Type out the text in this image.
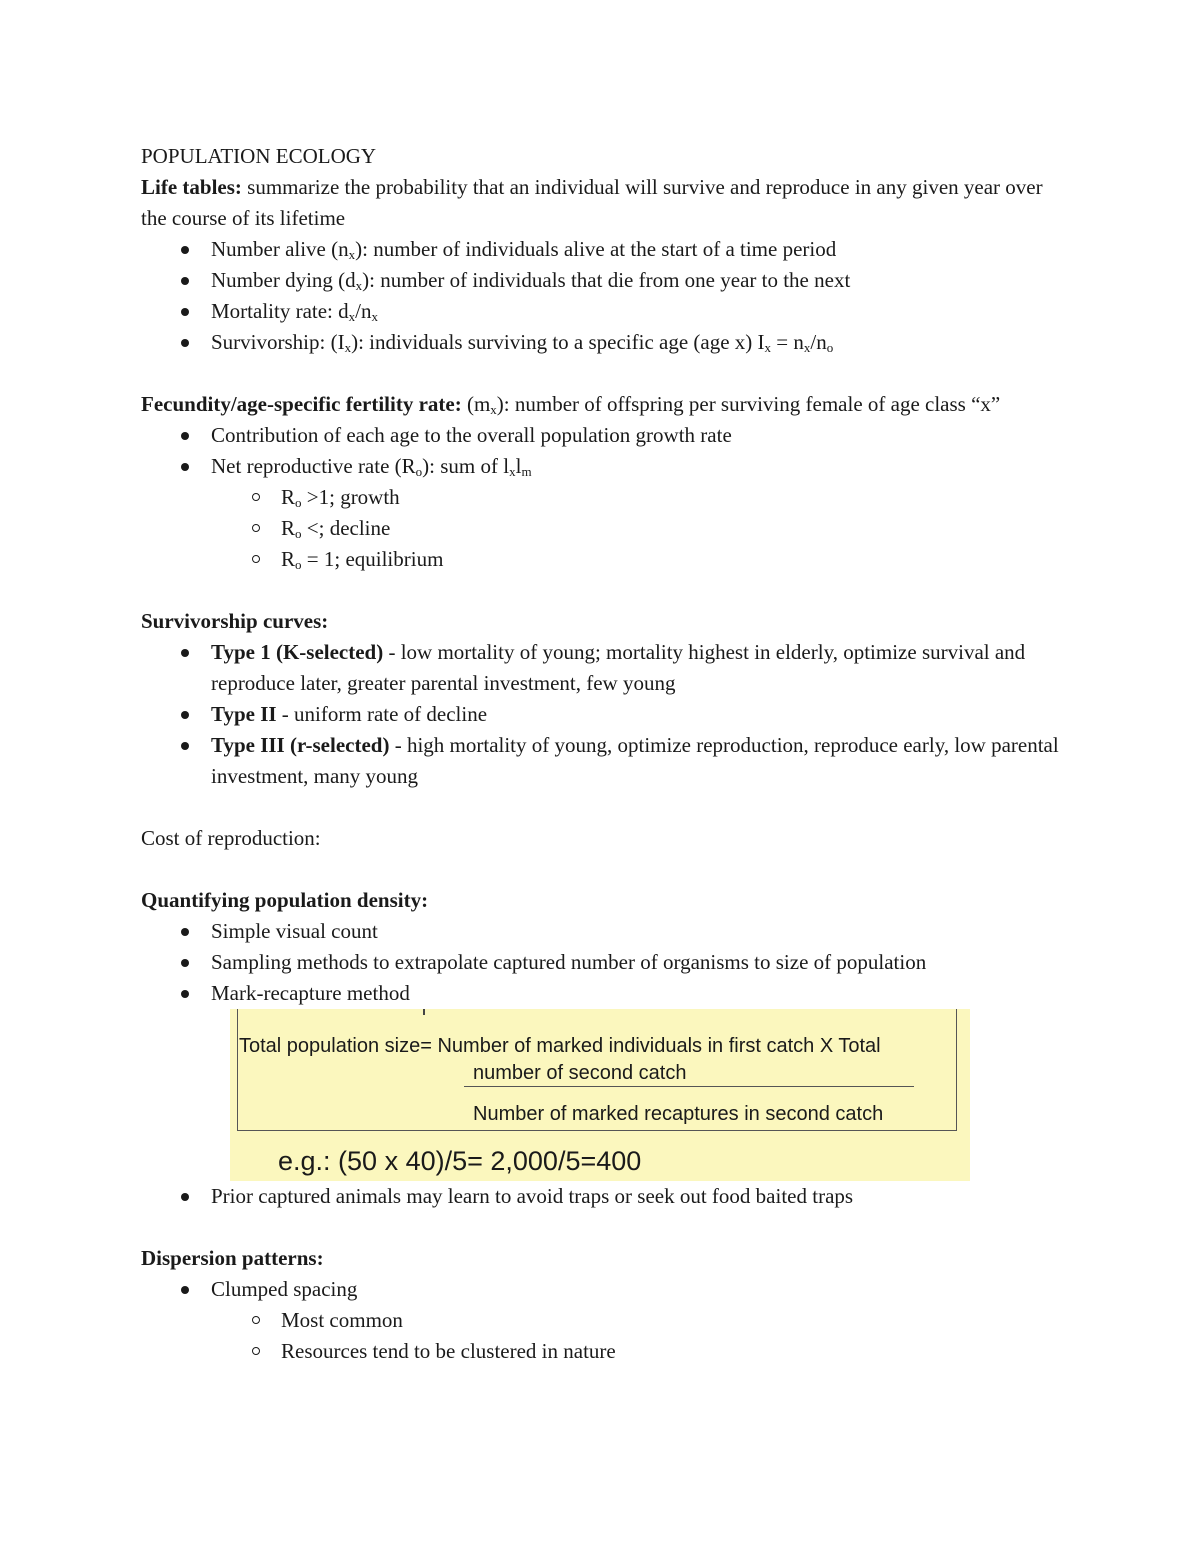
POPULATION ECOLOGY

Life tables: summarize the probability that an individual will survive and reproduce in any given year over the course of its lifetime

Number alive $(n_x)$: number of individuals alive at the start of a time period
Number dying $(d_x)$: number of individuals that die from one year to the next
Mortality rate: $d_x/n_x$
Survivorship: $(I_x)$: individuals surviving to a specific age (age x) $I_x = n_x/n_o$

Fecundity/age-specific fertility rate: $(m_x)$: number of offspring per surviving female of age class “x”

Contribution of each age to the overall population growth rate
Net reproductive rate $(R_o)$: sum of $l_xl_m$
$R_o >1$; growth
$R_o$ <; decline
$R_o = 1$; equilibrium

Survivorship curves:

Type 1 (K-selected) - low mortality of young; mortality highest in elderly, optimize survival and reproduce later, greater parental investment, few young
Type II - uniform rate of decline
Type III (r-selected) - high mortality of young, optimize reproduction, reproduce early, low parental investment, many young

Cost of reproduction:

Quantifying population density:

Simple visual count
Sampling methods to extrapolate captured number of organisms to size of population
Mark-recapture method
Total population size= Number of marked individuals in first catch X Total
number of second catch
Number of marked recaptures in second catch
e.g.: (50 x 40)/5= 2,000/5=400
Prior captured animals may learn to avoid traps or seek out food baited traps

Dispersion patterns:

Clumped spacing
Most common
Resources tend to be clustered in nature
